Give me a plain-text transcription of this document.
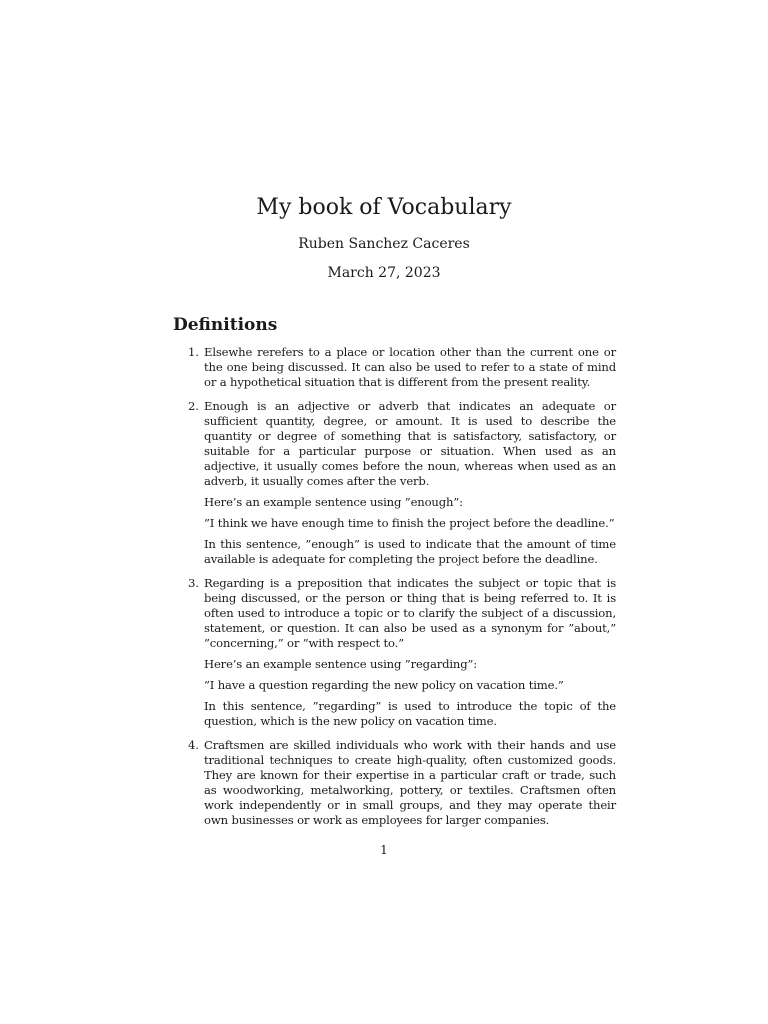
My book of Vocabulary
Ruben Sanchez Caceres
March 27, 2023
Definitions
1. Elsewhe rerefers to a place or location other than the current one or the one being discussed. It can also be used to refer to a state of mind or a hypothetical situation that is different from the present reality.

2. Enough is an adjective or adverb that indicates an adequate or sufficient quantity, degree, or amount. It is used to describe the quantity or degree of something that is satisfactory, satisfactory, or suitable for a particular purpose or situation. When used as an adjective, it usually comes before the noun, whereas when used as an adverb, it usually comes after the verb.

Here’s an example sentence using ”enough”:

”I think we have enough time to finish the project before the deadline.”

In this sentence, ”enough” is used to indicate that the amount of time available is adequate for completing the project before the deadline.

3. Regarding is a preposition that indicates the subject or topic that is being discussed, or the person or thing that is being referred to. It is often used to introduce a topic or to clarify the subject of a discussion, statement, or question. It can also be used as a synonym for ”about,” ”concerning,” or ”with respect to.”

Here’s an example sentence using ”regarding”:

”I have a question regarding the new policy on vacation time.”

In this sentence, ”regarding” is used to introduce the topic of the question, which is the new policy on vacation time.

4. Craftsmen are skilled individuals who work with their hands and use traditional techniques to create high-quality, often customized goods. They are known for their expertise in a particular craft or trade, such as woodworking, metalworking, pottery, or textiles. Craftsmen often work independently or in small groups, and they may operate their own businesses or work as employees for larger companies.

1
